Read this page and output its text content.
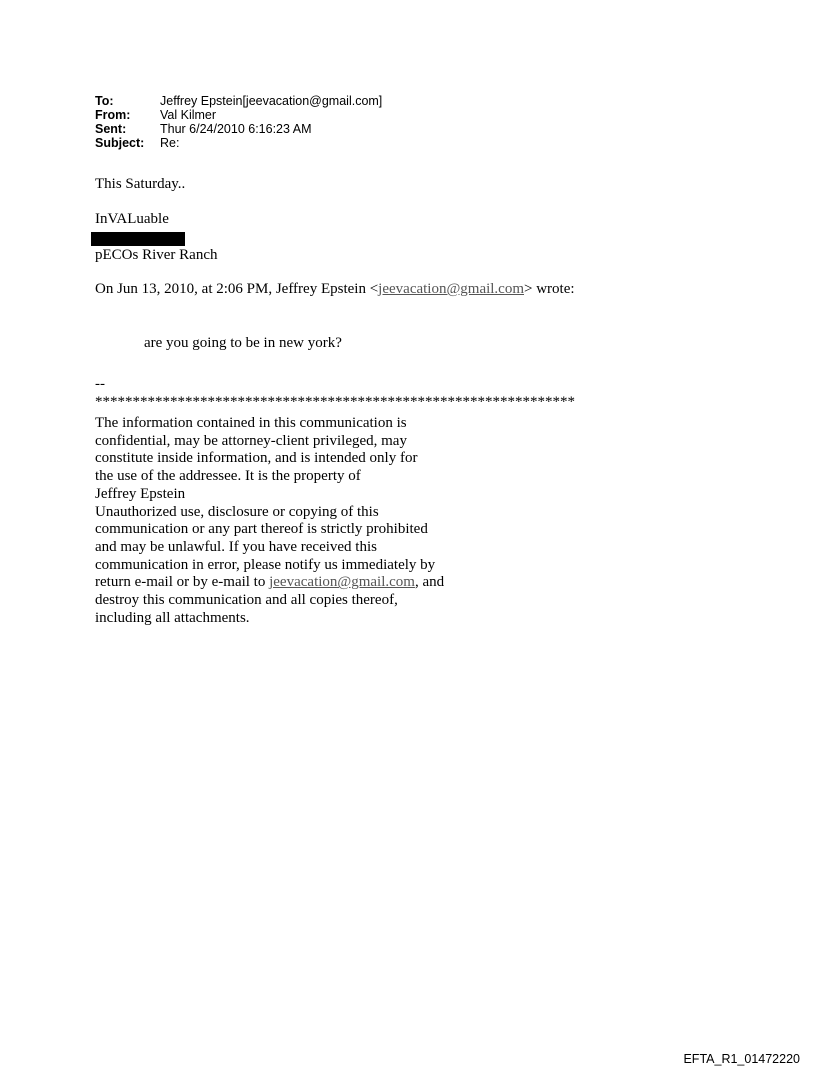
To:	Jeffrey Epstein[jeevacation@gmail.com]
From:	Val Kilmer
Sent:	Thur 6/24/2010 6:16:23 AM
Subject:	Re:
This Saturday..
InVALuable
pECOs River Ranch
On Jun 13, 2010, at 2:06 PM, Jeffrey Epstein <jeevacation@gmail.com> wrote:
are you going to be in new york?
--
****************************************************************
The information contained in this communication is
confidential, may be attorney-client privileged, may
constitute inside information, and is intended only for
the use of the addressee. It is the property of
Jeffrey Epstein
Unauthorized use, disclosure or copying of this
communication or any part thereof is strictly prohibited
and may be unlawful. If you have received this
communication in error, please notify us immediately by
return e-mail or by e-mail to jeevacation@gmail.com, and
destroy this communication and all copies thereof,
including all attachments.
EFTA_R1_01472220
